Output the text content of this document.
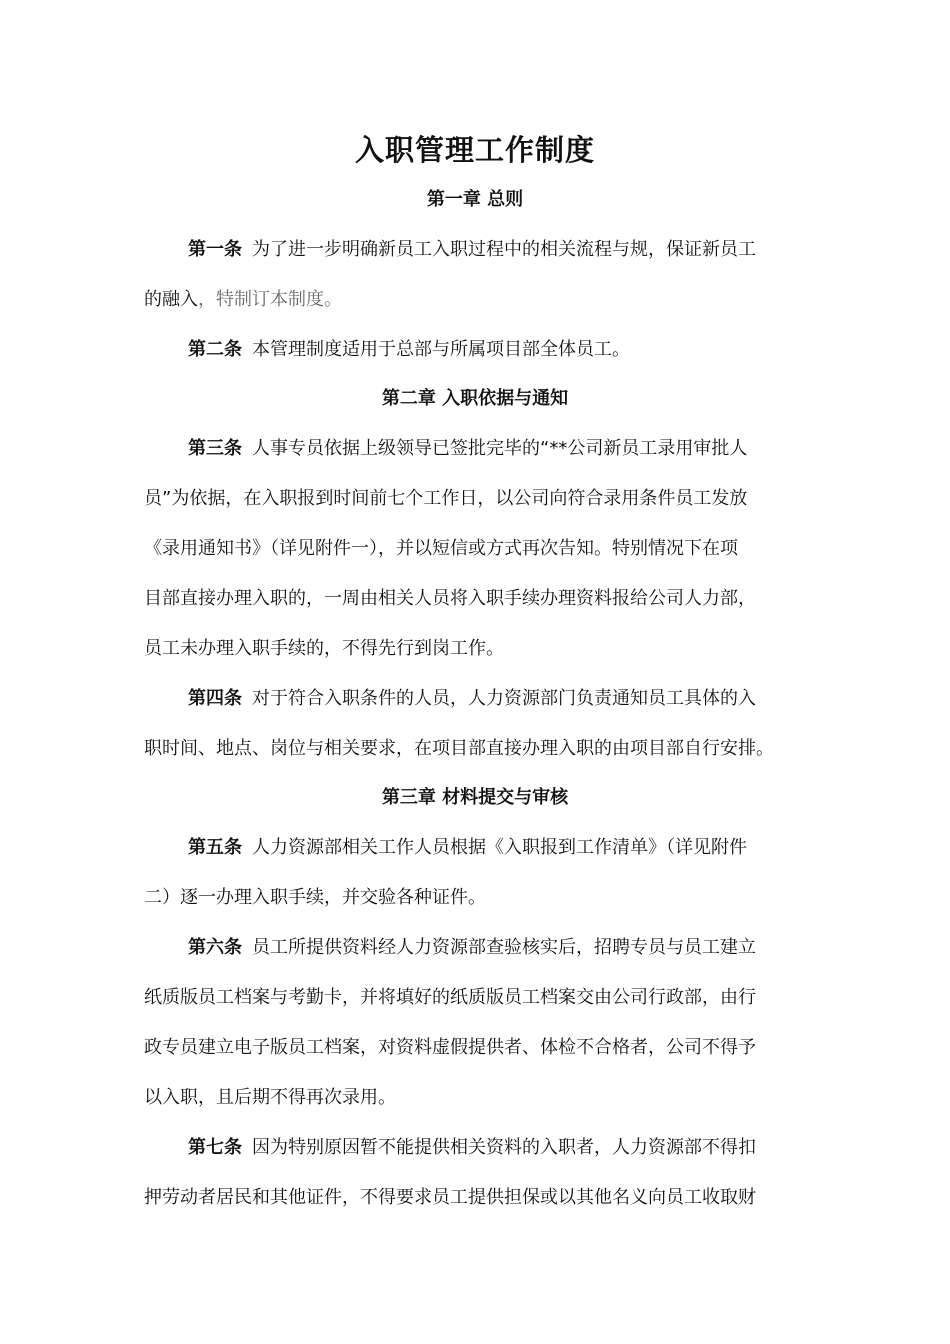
入职管理工作制度
第一章 总则
第一条 为了进一步明确新员工入职过程中的相关流程与规，保证新员工
的融入，特制订本制度。
第二条 本管理制度适用于总部与所属项目部全体员工。
第二章 入职依据与通知
第三条 人事专员依据上级领导已签批完毕的“**公司新员工录用审批人
员”为依据，在入职报到时间前七个工作日，以公司向符合录用条件员工发放
《录用通知书》（详见附件一），并以短信或方式再次告知。特别情况下在项
目部直接办理入职的，一周由相关人员将入职手续办理资料报给公司人力部，
员工未办理入职手续的，不得先行到岗工作。
第四条 对于符合入职条件的人员，人力资源部门负责通知员工具体的入
职时间、地点、岗位与相关要求，在项目部直接办理入职的由项目部自行安排。
第三章 材料提交与审核
第五条 人力资源部相关工作人员根据《入职报到工作清单》（详见附件
二）逐一办理入职手续，并交验各种证件。
第六条 员工所提供资料经人力资源部查验核实后，招聘专员与员工建立
纸质版员工档案与考勤卡，并将填好的纸质版员工档案交由公司行政部，由行
政专员建立电子版员工档案，对资料虚假提供者、体检不合格者，公司不得予
以入职，且后期不得再次录用。
第七条 因为特别原因暂不能提供相关资料的入职者，人力资源部不得扣
押劳动者居民和其他证件，不得要求员工提供担保或以其他名义向员工收取财
